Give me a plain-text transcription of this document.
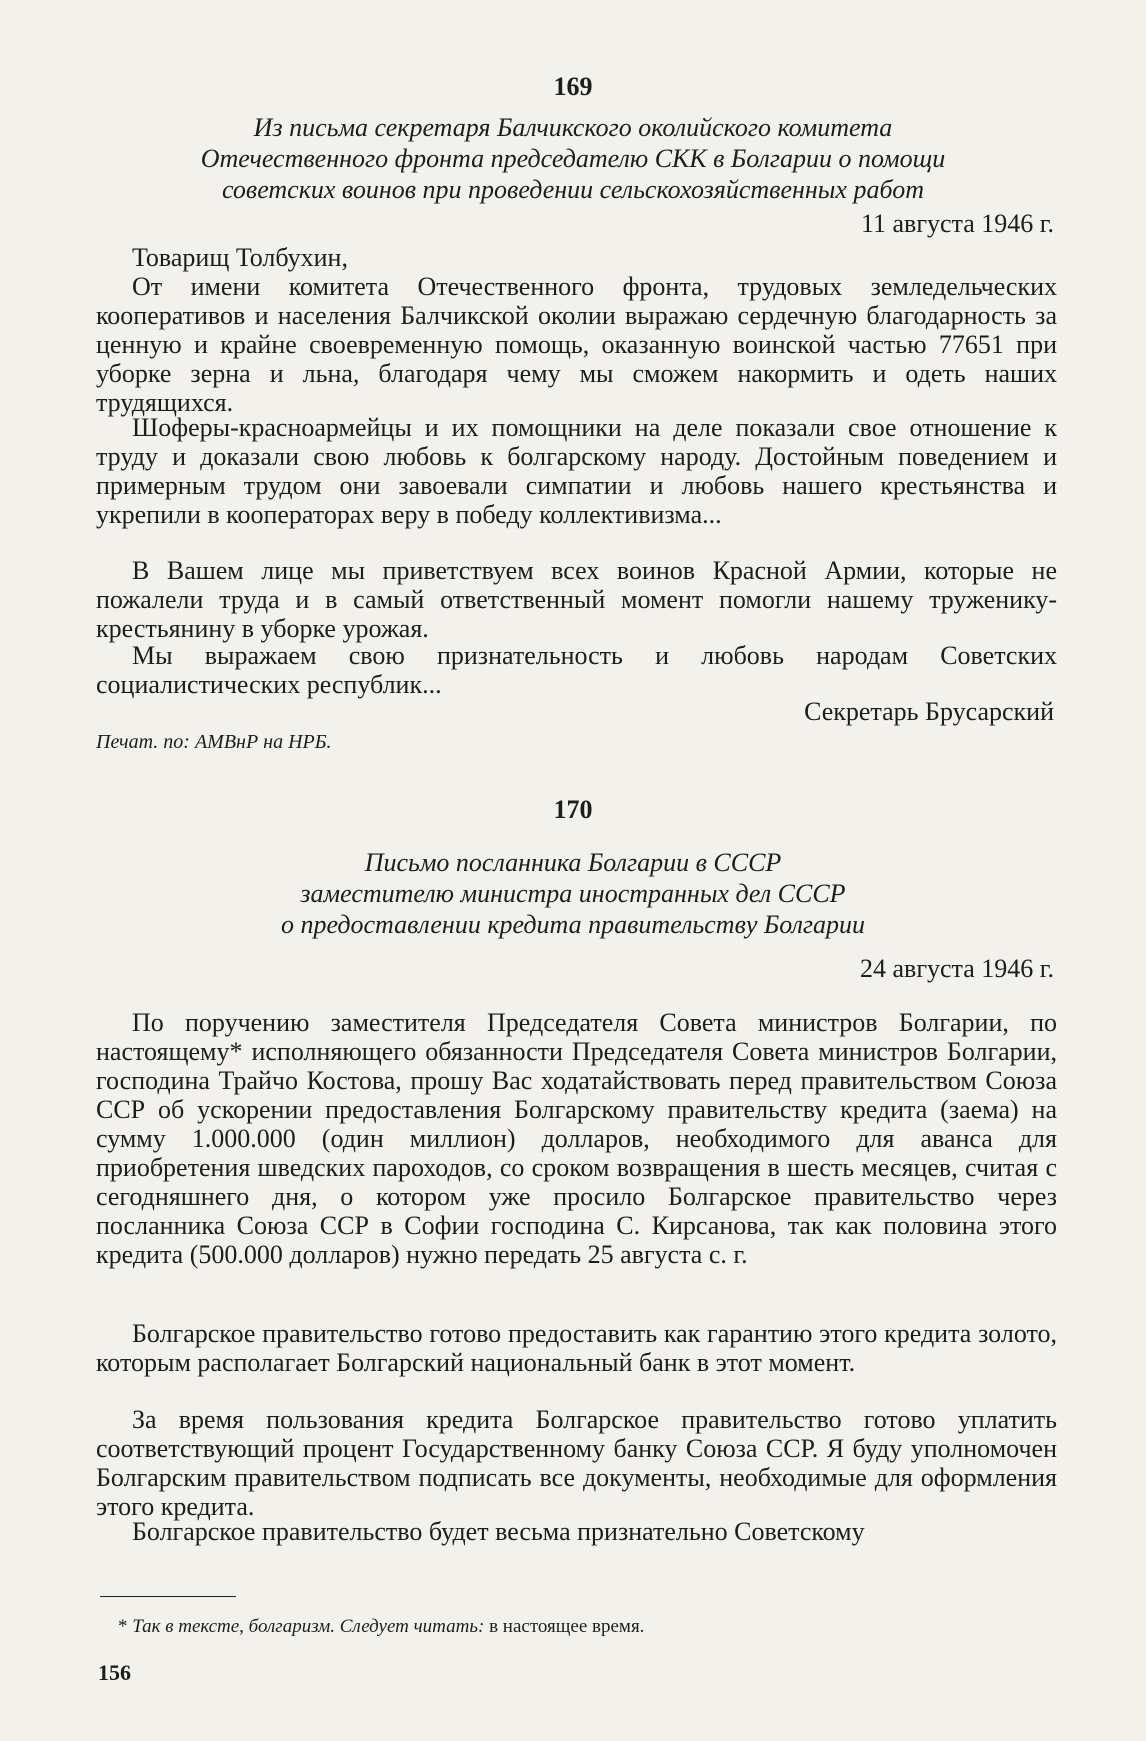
169
Из письма секретаря Балчикского околийского комитета
Отечественного фронта председателю СКК в Болгарии о помощи
советских воинов при проведении сельскохозяйственных работ
11 августа 1946 г.
Товарищ Толбухин,
От имени комитета Отечественного фронта, трудовых земледельческих кооперативов и населения Балчикской околии выражаю сердечную благодарность за ценную и крайне своевременную помощь, оказанную воинской частью 77651 при уборке зерна и льна, благодаря чему мы сможем накормить и одеть наших трудящихся.
Шоферы-красноармейцы и их помощники на деле показали свое отношение к труду и доказали свою любовь к болгарскому народу. Достойным поведением и примерным трудом они завоевали симпатии и любовь нашего крестьянства и укрепили в кооператорах веру в победу коллективизма...
В Вашем лице мы приветствуем всех воинов Красной Армии, которые не пожалели труда и в самый ответственный момент помогли нашему труженику-крестьянину в уборке урожая.
Мы выражаем свою признательность и любовь народам Советских социалистических республик...
Секретарь Брусарский
Печат. по: АМВнР на НРБ.
170
Письмо посланника Болгарии в СССР
заместителю министра иностранных дел СССР
о предоставлении кредита правительству Болгарии
24 августа 1946 г.
По поручению заместителя Председателя Совета министров Болгарии, по настоящему* исполняющего обязанности Председателя Совета министров Болгарии, господина Трайчо Костова, прошу Вас ходатайствовать перед правительством Союза ССР об ускорении предоставления Болгарскому правительству кредита (заема) на сумму 1.000.000 (один миллион) долларов, необходимого для аванса для приобретения шведских пароходов, со сроком возвращения в шесть месяцев, считая с сегодняшнего дня, о котором уже просило Болгарское правительство через посланника Союза ССР в Софии господина С. Кирсанова, так как половина этого кредита (500.000 долларов) нужно передать 25 августа с. г.
Болгарское правительство готово предоставить как гарантию этого кредита золото, которым располагает Болгарский национальный банк в этот момент.
За время пользования кредита Болгарское правительство готово уплатить соответствующий процент Государственному банку Союза ССР. Я буду уполномочен Болгарским правительством подписать все документы, необходимые для оформления этого кредита.
Болгарское правительство будет весьма признательно Советскому
* Так в тексте, болгаризм. Следует читать: в настоящее время.
156
